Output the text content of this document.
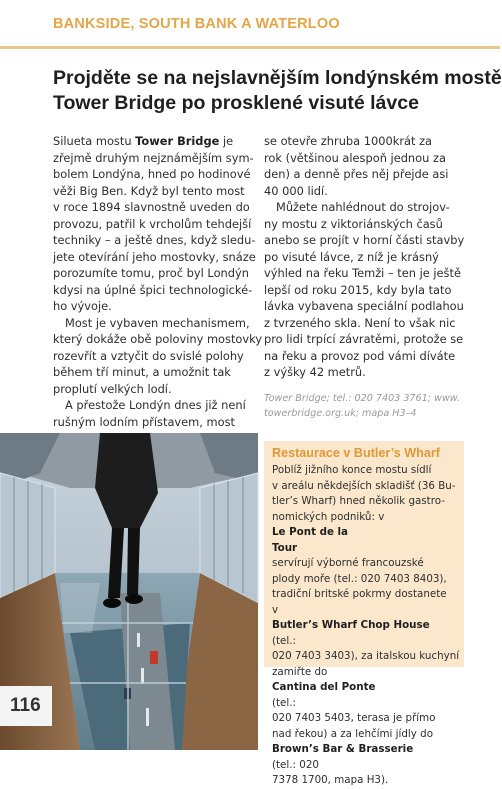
BANKSIDE, SOUTH BANK A WATERLOO
Projděte se na nejslavnějším londýnském mostě
Tower Bridge po prosklené visuté lávce
Silueta mostu Tower Bridge je
zřejmě druhým nejznámějším sym-
bolem Londýna, hned po hodinové
věži Big Ben. Když byl tento most
v roce 1894 slavnostně uveden do
provozu, patřil k vrcholům tehdejší
techniky – a ještě dnes, když sledu-
jete otevírání jeho mostovky, snáze
porozumíte tomu, proč byl Londýn
kdysi na úplné špici technologické-
ho vývoje.
Most je vybaven mechanismem,
který dokáže obě poloviny mostovky
rozevřít a vztyčit do svislé polohy
během tří minut, a umožnit tak
proplutí velkých lodí.
A přestože Londýn dnes již není
rušným lodním přístavem, most
se otevře zhruba 1000krát za
rok (většinou alespoň jednou za
den) a denně přes něj přejde asi
40 000 lidí.
Můžete nahlédnout do strojov-
ny mostu z viktoriánských časů
anebo se projít v horní části stavby
po visuté lávce, z níž je krásný
výhled na řeku Temži – ten je ještě
lepší od roku 2015, kdy byla tato
lávka vybavena speciální podlahou
z tvrzeného skla. Není to však nic
pro lidi trpící závratěmi, protože se
na řeku a provoz pod vámi díváte
z výšky 42 metrů.
Tower Bridge; tel.: 020 7403 3761; www.
towerbridge.org.uk; mapa H3–4
116
Restaurace v Butler’s Wharf
Poblíž jižního konce mostu sídlí
v areálu někdejších skladišť (36 Bu-
tler’s Wharf) hned několik gastro-
nomických podniků: v
Le Pont de la
Tour
servírují výborné francouzské
plody moře (tel.: 020 7403 8403),
tradiční britské pokrmy dostanete
v
Butler’s Wharf Chop House
(tel.:
020 7403 3403), za italskou kuchyní
zamiřte do
Cantina del Ponte
(tel.:
020 7403 5403, terasa je přímo
nad řekou) a za lehčími jídly do
Brown’s Bar & Brasserie
(tel.: 020
7378 1700, mapa H3).
